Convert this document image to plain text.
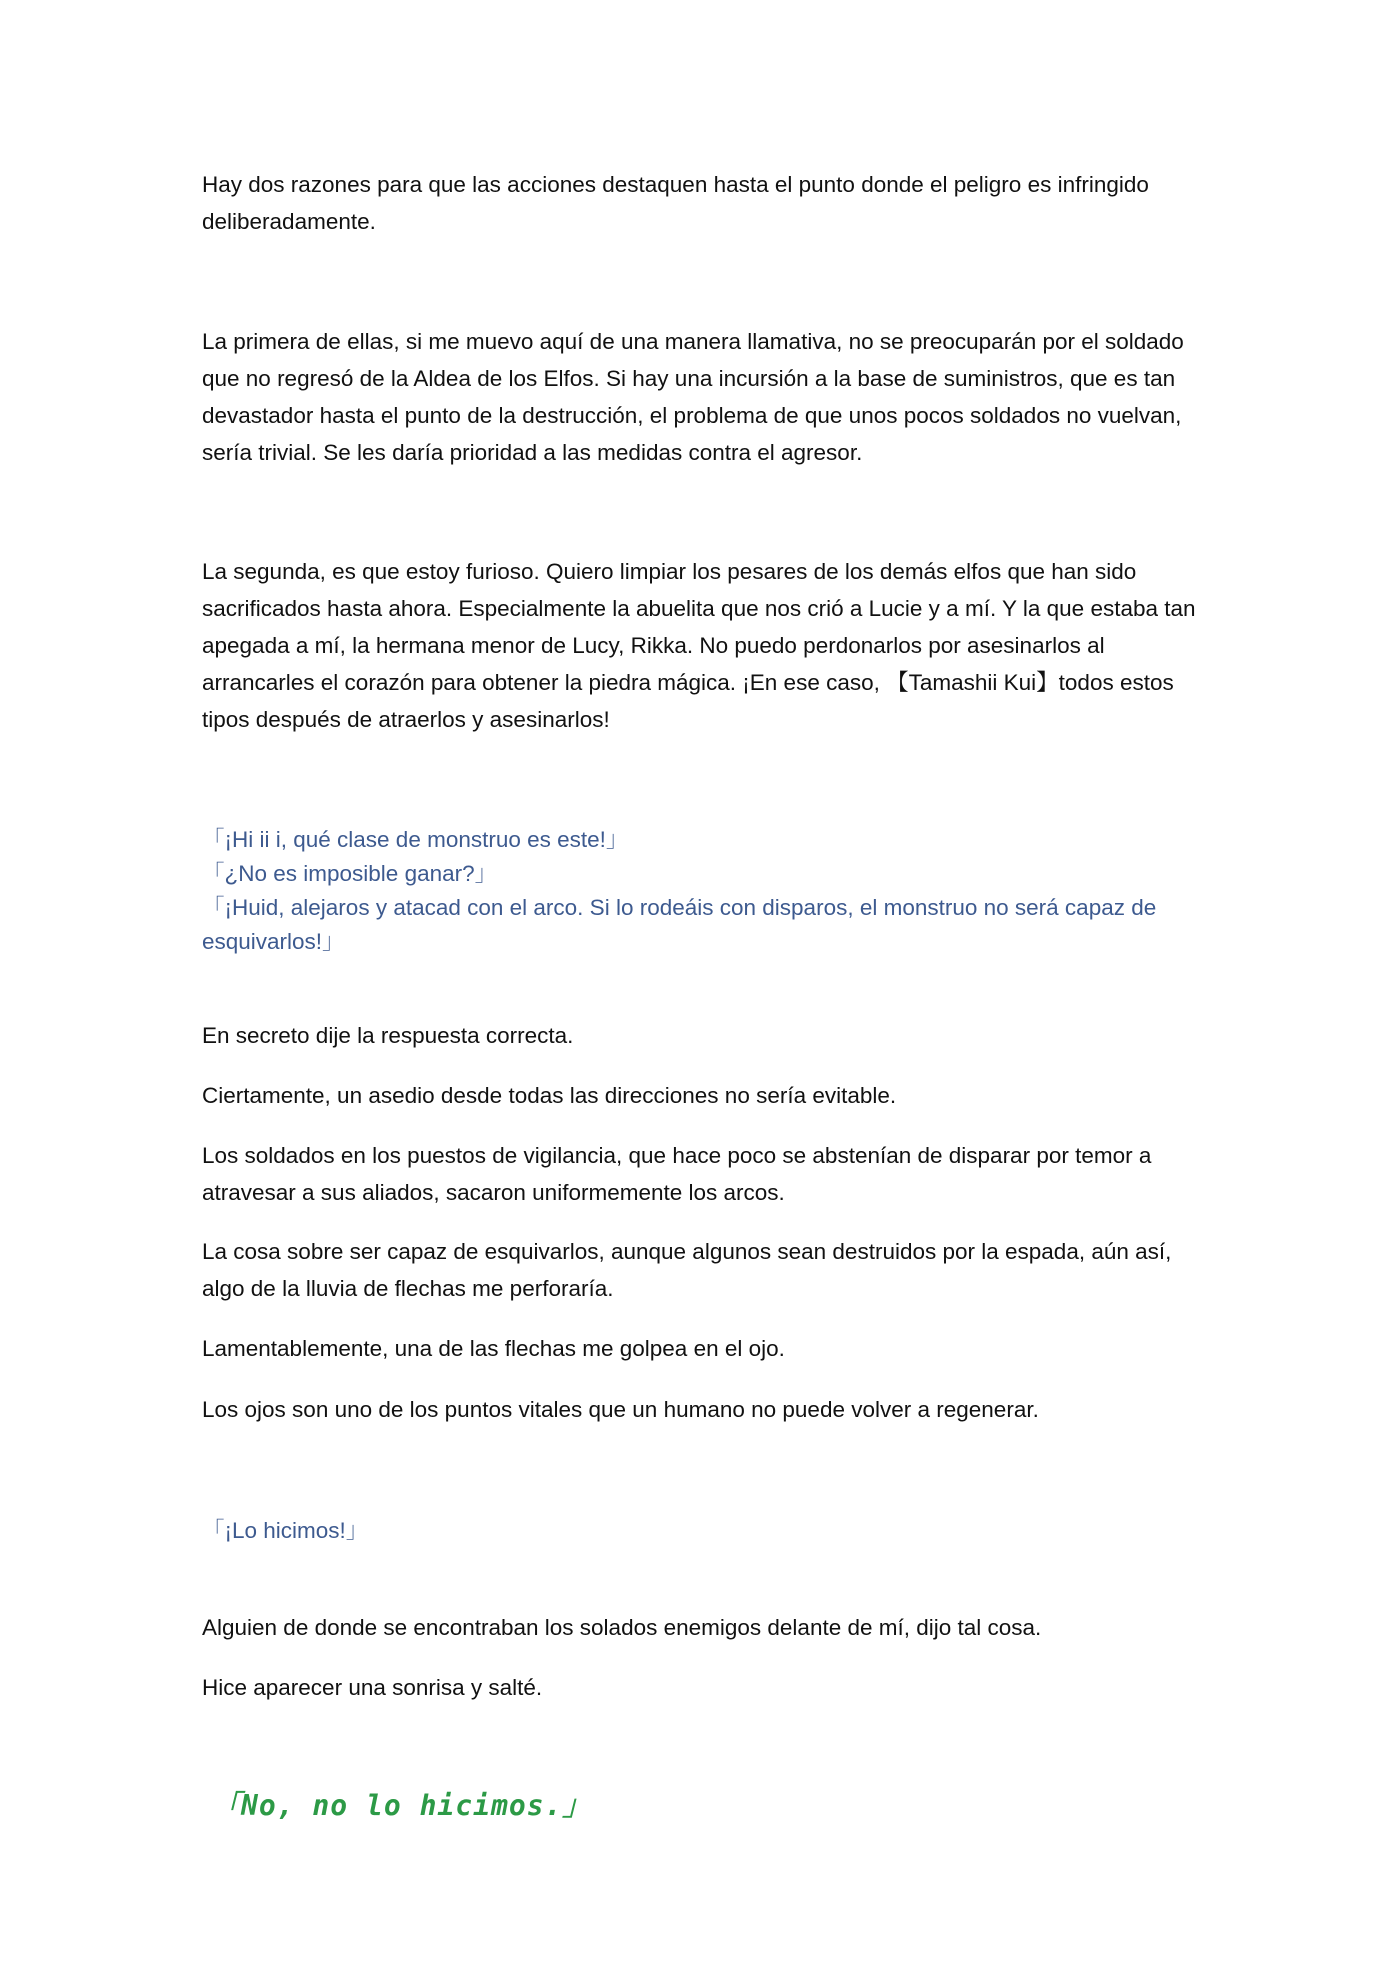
Hay dos razones para que las acciones destaquen hasta el punto donde el peligro es infringido deliberadamente.

La primera de ellas, si me muevo aquí de una manera llamativa, no se preocuparán por el soldado que no regresó de la Aldea de los Elfos. Si hay una incursión a la base de suministros, que es tan devastador hasta el punto de la destrucción, el problema de que unos pocos soldados no vuelvan, sería trivial. Se les daría prioridad a las medidas contra el agresor.

La segunda, es que estoy furioso. Quiero limpiar los pesares de los demás elfos que han sido sacrificados hasta ahora. Especialmente la abuelita que nos crió a Lucie y a mí. Y la que estaba tan apegada a mí, la hermana menor de Lucy, Rikka. No puedo perdonarlos por asesinarlos al arrancarles el corazón para obtener la piedra mágica. ¡En ese caso, 【Tamashii Kui】todos estos tipos después de atraerlos y asesinarlos!

「¡Hi ii i, qué clase de monstruo es este!」
「¿No es imposible ganar?」
「¡Huid, alejaros y atacad con el arco. Si lo rodeáis con disparos, el monstruo no será capaz de esquivarlos!」

En secreto dije la respuesta correcta.

Ciertamente, un asedio desde todas las direcciones no sería evitable.

Los soldados en los puestos de vigilancia, que hace poco se abstenían de disparar por temor a atravesar a sus aliados, sacaron uniformemente los arcos.

La cosa sobre ser capaz de esquivarlos, aunque algunos sean destruidos por la espada, aún así, algo de la lluvia de flechas me perforaría.

Lamentablemente, una de las flechas me golpea en el ojo.

Los ojos son uno de los puntos vitales que un humano no puede volver a regenerar.

「¡Lo hicimos!」

Alguien de donde se encontraban los solados enemigos delante de mí, dijo tal cosa.

Hice aparecer una sonrisa y salté.

「No, no lo hicimos.」
